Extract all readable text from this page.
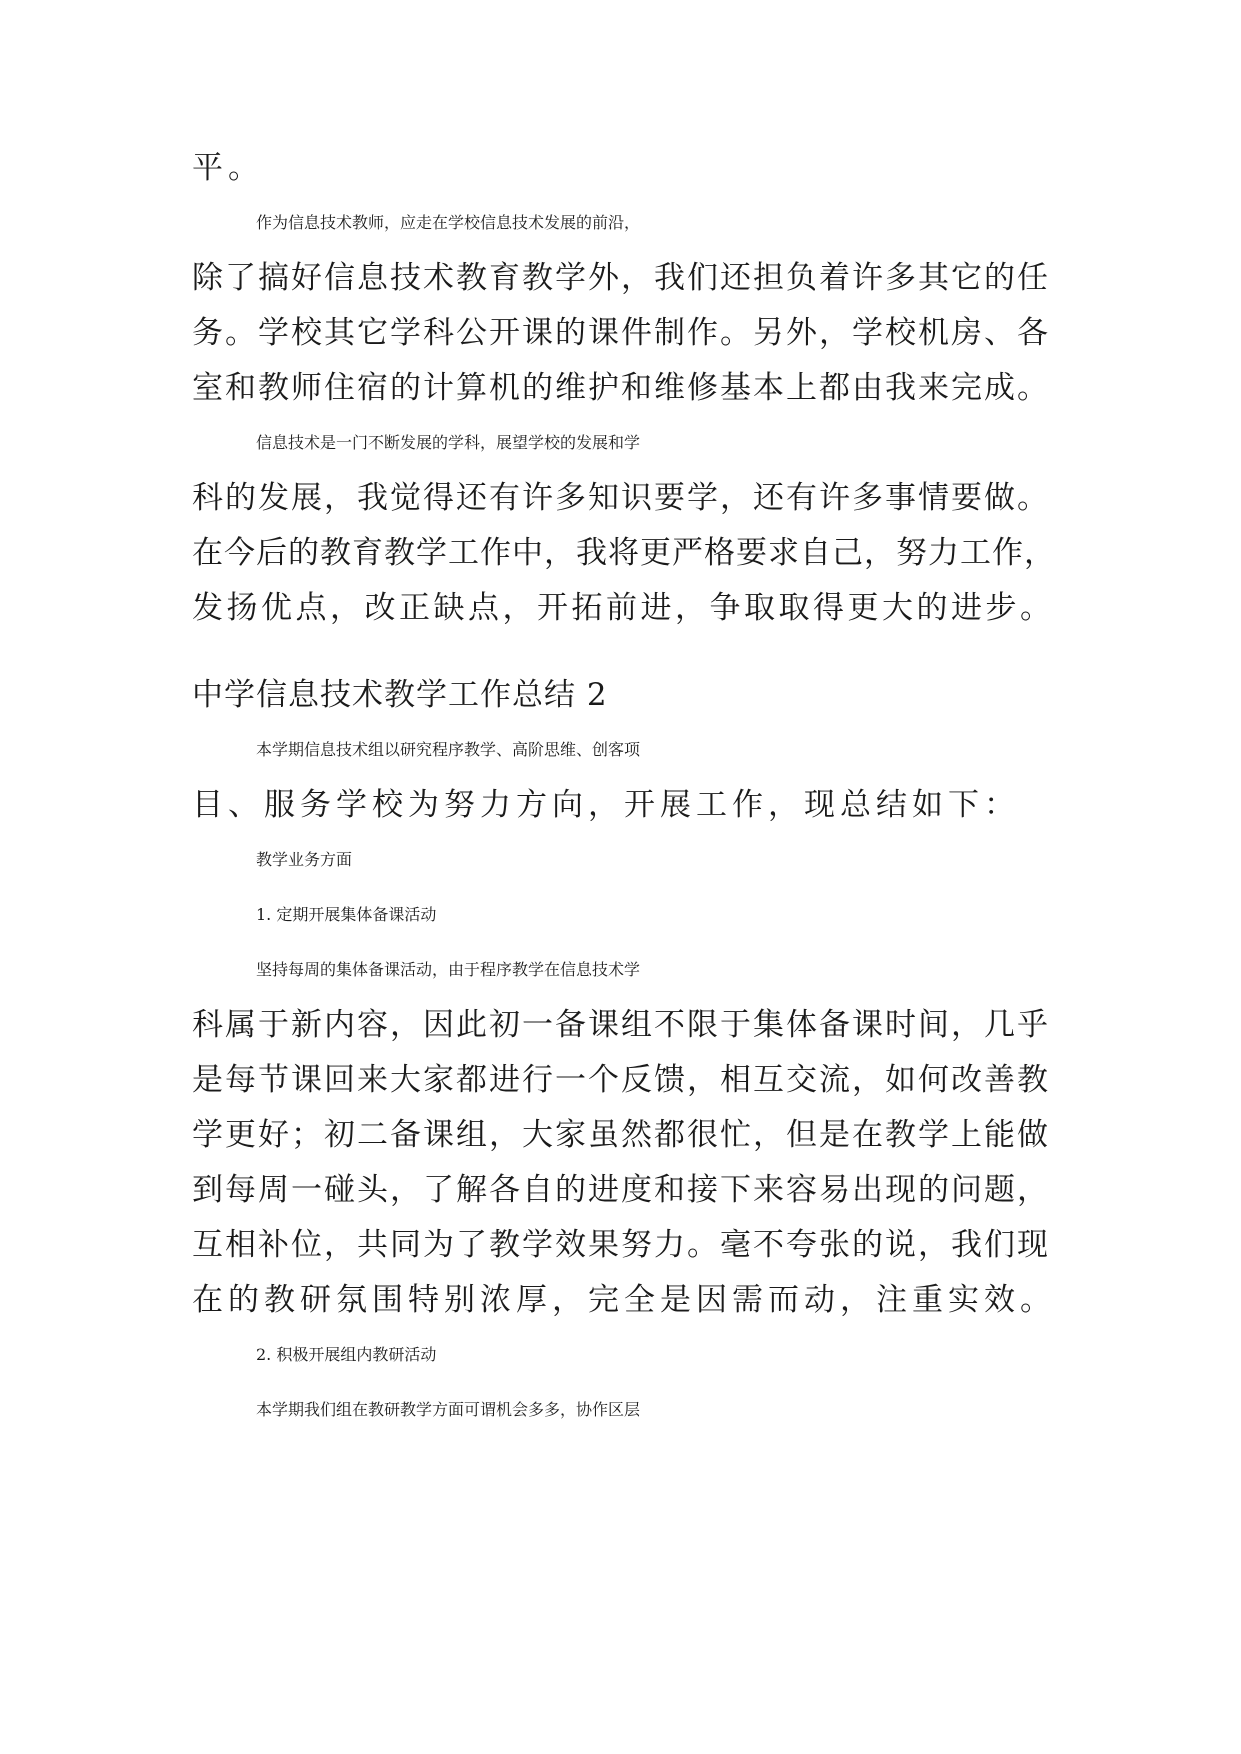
平。
作为信息技术教师，应走在学校信息技术发展的前沿，
除了搞好信息技术教育教学外，我们还担负着许多其它的任
务。学校其它学科公开课的课件制作。另外，学校机房、各
室和教师住宿的计算机的维护和维修基本上都由我来完成。
信息技术是一门不断发展的学科，展望学校的发展和学
科的发展，我觉得还有许多知识要学，还有许多事情要做。
在今后的教育教学工作中，我将更严格要求自己，努力工作，
发扬优点，改正缺点，开拓前进，争取取得更大的进步。
中学信息技术教学工作总结 2
本学期信息技术组以研究程序教学、高阶思维、创客项
目、服务学校为努力方向，开展工作，现总结如下：
教学业务方面
1. 定期开展集体备课活动
坚持每周的集体备课活动，由于程序教学在信息技术学
科属于新内容，因此初一备课组不限于集体备课时间，几乎
是每节课回来大家都进行一个反馈，相互交流，如何改善教
学更好；初二备课组，大家虽然都很忙，但是在教学上能做
到每周一碰头，了解各自的进度和接下来容易出现的问题，
互相补位，共同为了教学效果努力。毫不夸张的说，我们现
在的教研氛围特别浓厚，完全是因需而动，注重实效。
2. 积极开展组内教研活动
本学期我们组在教研教学方面可谓机会多多，协作区层
